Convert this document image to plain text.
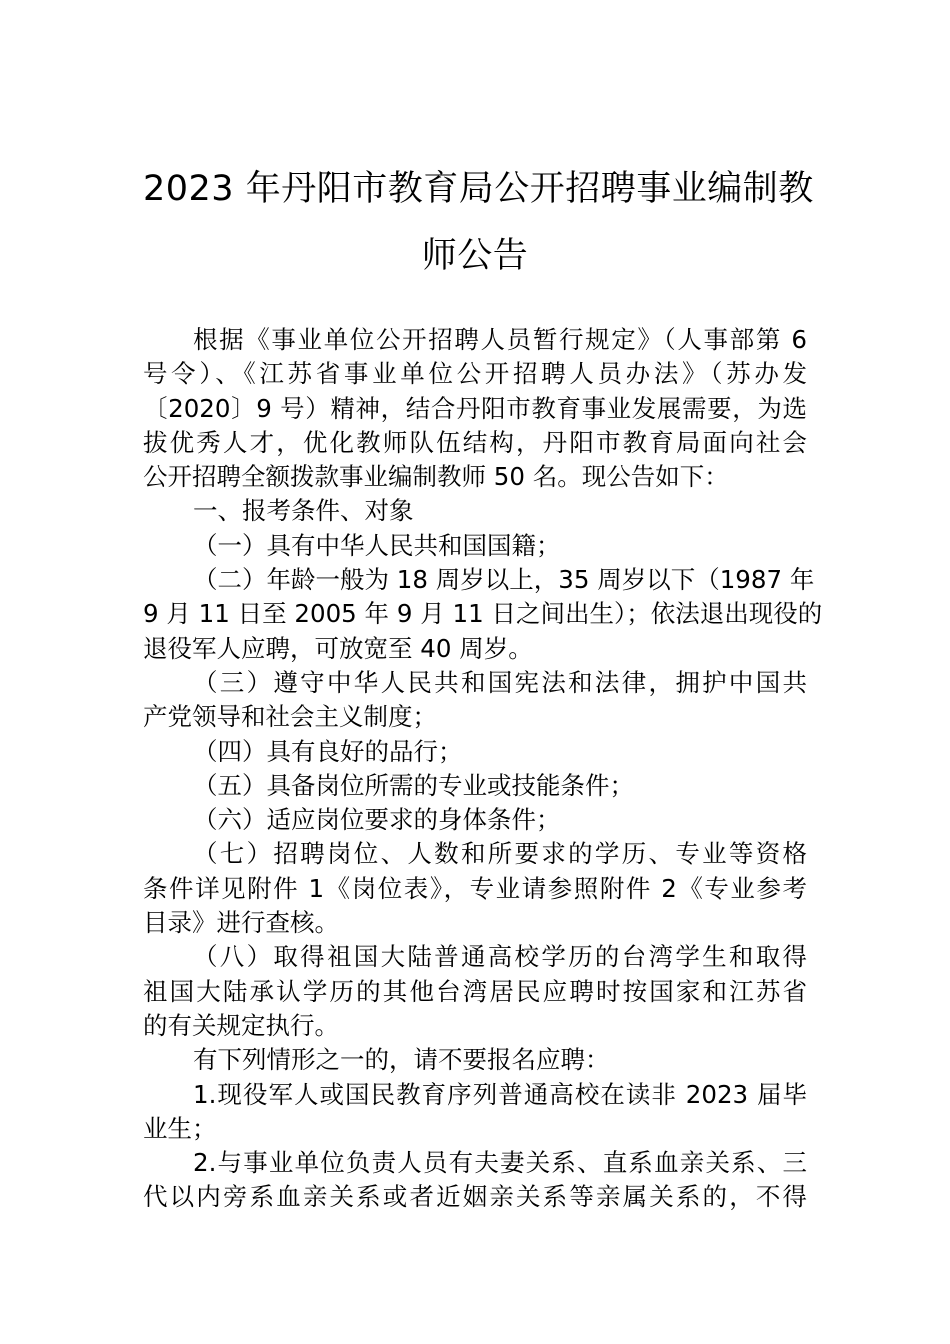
2023 年丹阳市教育局公开招聘事业编制教
师公告
根据《事业单位公开招聘人员暂行规定》（人事部第 6
号令）、《江苏省事业单位公开招聘人员办法》（苏办发
〔2020〕9 号）精神，结合丹阳市教育事业发展需要，为选
拔优秀人才，优化教师队伍结构，丹阳市教育局面向社会
公开招聘全额拨款事业编制教师 50 名。现公告如下：
一、报考条件、对象
（一）具有中华人民共和国国籍；
（二）年龄一般为 18 周岁以上，35 周岁以下（1987 年
9 月 11 日至 2005 年 9 月 11 日之间出生）；依法退出现役的
退役军人应聘，可放宽至 40 周岁。
（三）遵守中华人民共和国宪法和法律，拥护中国共
产党领导和社会主义制度；
（四）具有良好的品行；
（五）具备岗位所需的专业或技能条件；
（六）适应岗位要求的身体条件；
（七）招聘岗位、人数和所要求的学历、专业等资格
条件详见附件 1《岗位表》，专业请参照附件 2《专业参考
目录》进行查核。
（八）取得祖国大陆普通高校学历的台湾学生和取得
祖国大陆承认学历的其他台湾居民应聘时按国家和江苏省
的有关规定执行。
有下列情形之一的，请不要报名应聘：
1.现役军人或国民教育序列普通高校在读非 2023 届毕
业生；
2.与事业单位负责人员有夫妻关系、直系血亲关系、三
代以内旁系血亲关系或者近姻亲关系等亲属关系的，不得
